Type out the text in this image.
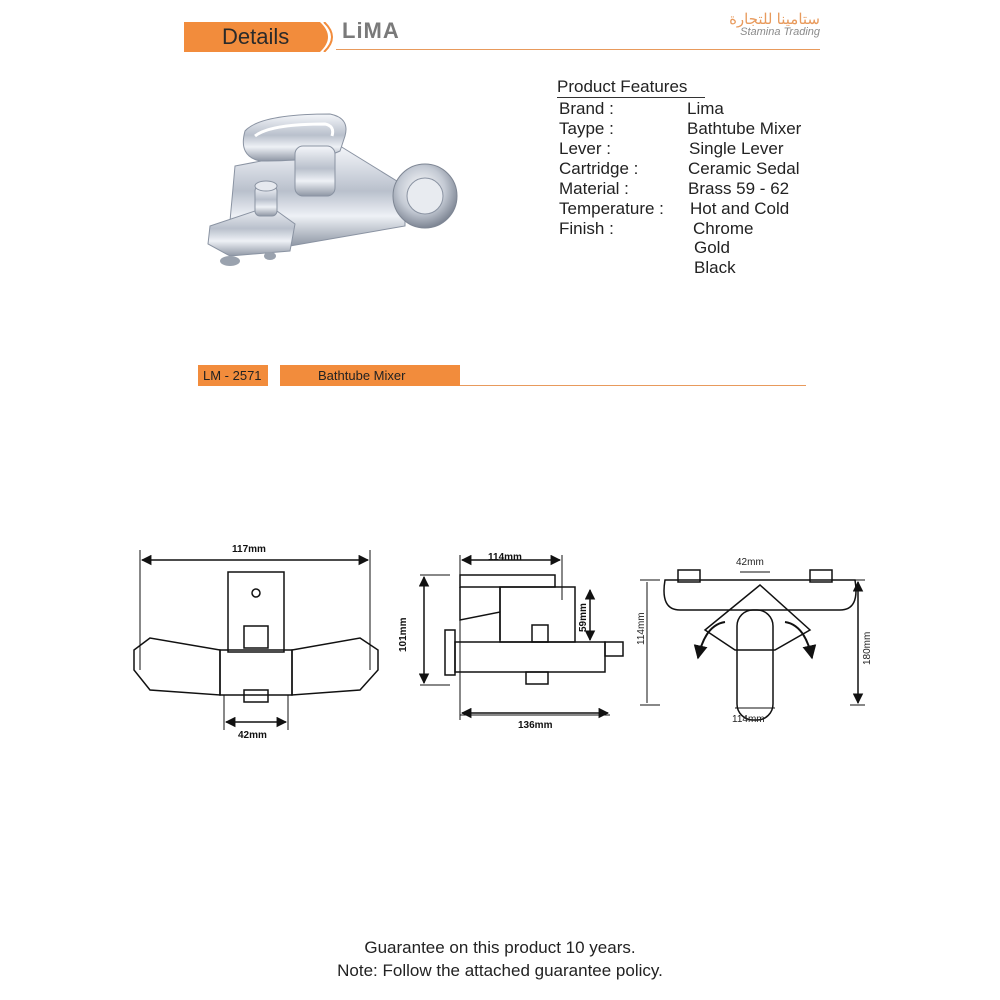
Details LiMA	ستامينا للتجارة
Stamina Trading
Product Features
Brand :	Lima
Taype :	Bathtube Mixer
Lever :	Single Lever
Cartridge :	Ceramic Sedal
Material :	Brass 59 - 62
Temperature : Hot and Cold
Finish :	Chrome
Gold
Black
LM - 2571	Bathtube Mixer
117mm
42mm
114mm
101mm	59mm
136mm
42mm
114mm
180mm
114mm
Guarantee on this product 10 years.
Note: Follow the attached guarantee policy.
